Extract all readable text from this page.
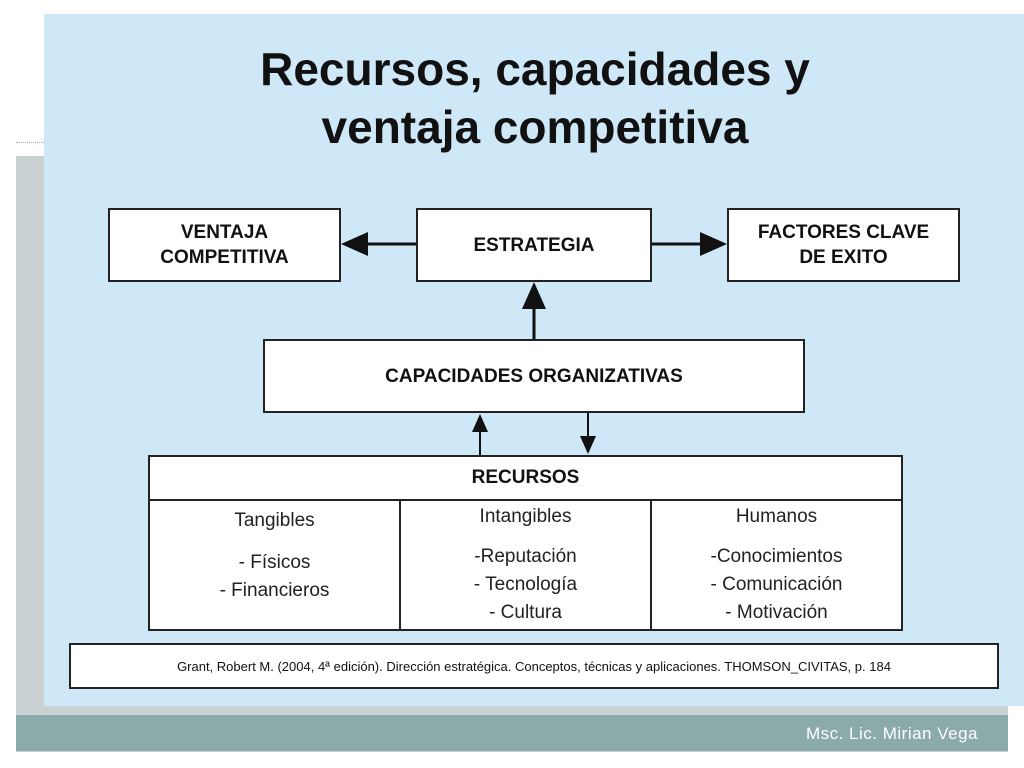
Recursos, capacidades y
ventaja competitiva
VENTAJA
COMPETITIVA
ESTRATEGIA
FACTORES CLAVE
DE EXITO
CAPACIDADES ORGANIZATIVAS
RECURSOS
Tangibles
- Físicos
- Financieros
Intangibles
-Reputación
- Tecnología
- Cultura
Humanos
-Conocimientos
- Comunicación
- Motivación
Grant, Robert M. (2004, 4ª edición). Dirección estratégica. Conceptos, técnicas y aplicaciones. THOMSON_CIVITAS, p. 184
Msc. Lic. Mirian Vega
